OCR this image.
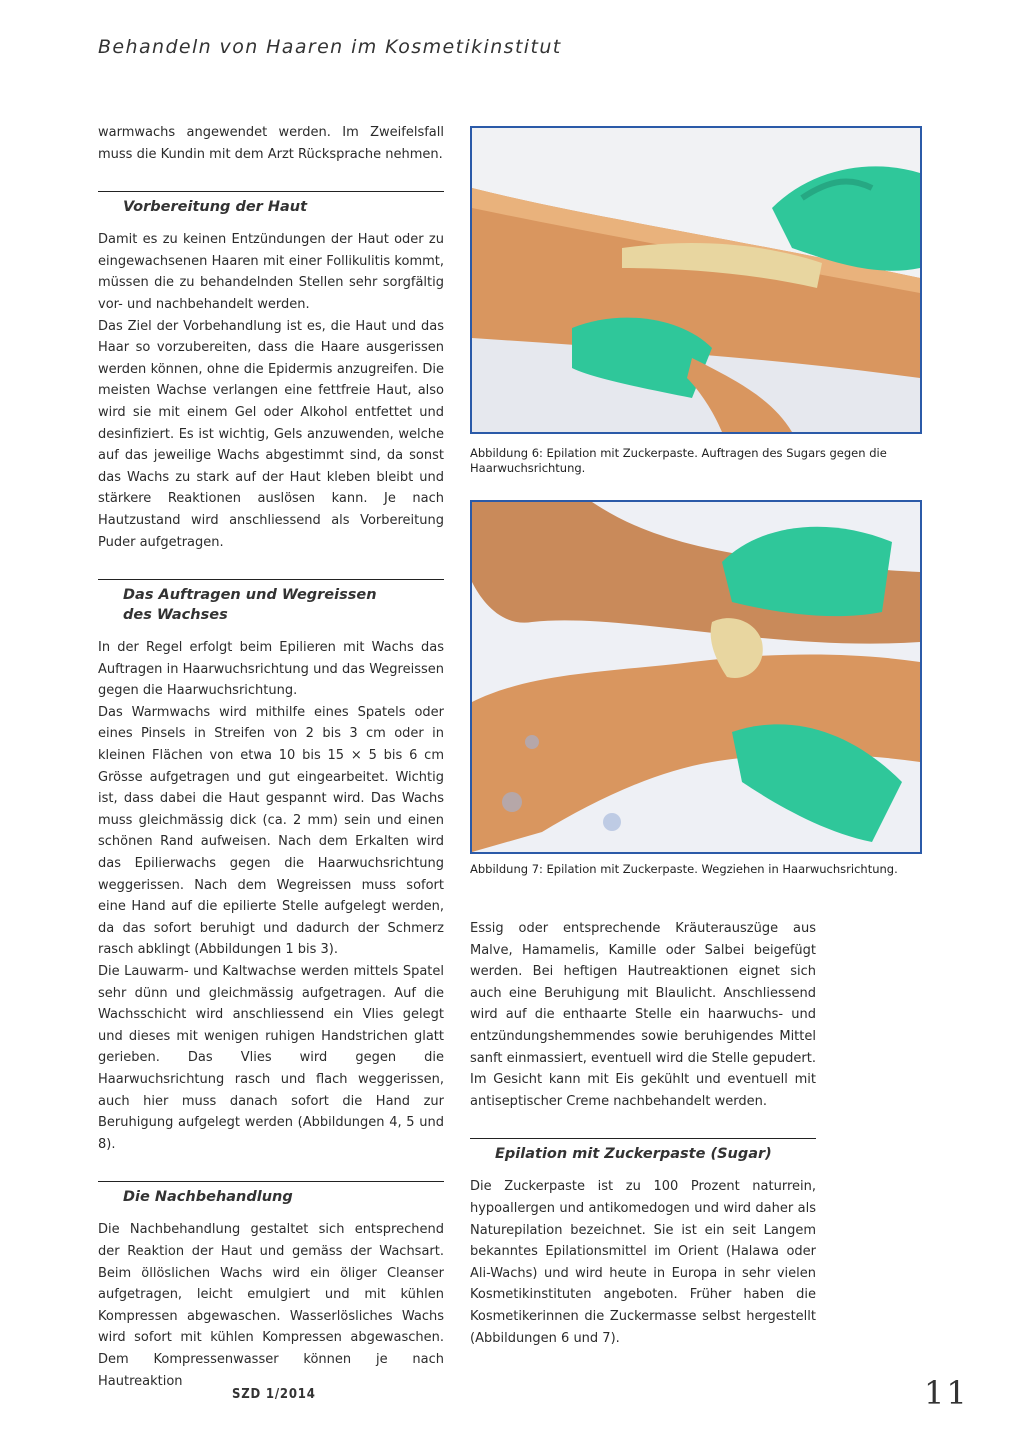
Behandeln von Haaren im Kosmetikinstitut

warmwachs angewendet werden. Im Zweifelsfall muss die Kundin mit dem Arzt Rücksprache nehmen.

Vorbereitung der Haut

Damit es zu keinen Entzündungen der Haut oder zu eingewachsenen Haaren mit einer Follikulitis kommt, müssen die zu behandelnden Stellen sehr sorgfältig vor- und nachbehandelt werden.

Das Ziel der Vorbehandlung ist es, die Haut und das Haar so vorzubereiten, dass die Haare ausgerissen werden können, ohne die Epidermis anzugreifen. Die meisten Wachse verlangen eine fettfreie Haut, also wird sie mit einem Gel oder Alkohol entfettet und desinfiziert. Es ist wichtig, Gels anzuwenden, welche auf das jeweilige Wachs abgestimmt sind, da sonst das Wachs zu stark auf der Haut kleben bleibt und stärkere Reaktionen auslösen kann. Je nach Hautzustand wird anschliessend als Vorbereitung Puder aufgetragen.

Das Auftragen und Wegreissen
des Wachses

In der Regel erfolgt beim Epilieren mit Wachs das Auftragen in Haarwuchsrichtung und das Wegreissen gegen die Haarwuchsrichtung.

Das Warmwachs wird mithilfe eines Spatels oder eines Pinsels in Streifen von 2 bis 3 cm oder in kleinen Flächen von etwa 10 bis 15 × 5 bis 6 cm Grösse aufgetragen und gut eingearbeitet. Wichtig ist, dass dabei die Haut gespannt wird. Das Wachs muss gleichmässig dick (ca. 2 mm) sein und einen schönen Rand aufweisen. Nach dem Erkalten wird das Epilierwachs gegen die Haarwuchsrichtung weggerissen. Nach dem Wegreissen muss sofort eine Hand auf die epilierte Stelle aufgelegt werden, da das sofort beruhigt und dadurch der Schmerz rasch abklingt (Abbildungen 1 bis 3).

Die Lauwarm- und Kaltwachse werden mittels Spatel sehr dünn und gleichmässig aufgetragen. Auf die Wachsschicht wird anschliessend ein Vlies gelegt und dieses mit wenigen ruhigen Handstrichen glatt gerieben. Das Vlies wird gegen die Haarwuchsrichtung rasch und flach weggerissen, auch hier muss danach sofort die Hand zur Beruhigung aufgelegt werden (Abbildungen 4, 5 und 8).

Die Nachbehandlung

Die Nachbehandlung gestaltet sich entsprechend der Reaktion der Haut und gemäss der Wachsart. Beim öllöslichen Wachs wird ein öliger Cleanser aufgetragen, leicht emulgiert und mit kühlen Kompressen abgewaschen. Wasserlösliches Wachs wird sofort mit kühlen Kompressen abgewaschen. Dem Kompressenwasser können je nach Hautreaktion

Abbildung 6: Epilation mit Zuckerpaste. Auftragen des Sugars gegen die Haarwuchsrichtung.
Abbildung 7: Epilation mit Zuckerpaste. Wegziehen in Haarwuchsrichtung.

Essig oder entsprechende Kräuterauszüge aus Malve, Hamamelis, Kamille oder Salbei beigefügt werden. Bei heftigen Hautreaktionen eignet sich auch eine Beruhigung mit Blaulicht. Anschliessend wird auf die enthaarte Stelle ein haarwuchs- und entzündungshemmendes sowie beruhigendes Mittel sanft einmassiert, eventuell wird die Stelle gepudert. Im Gesicht kann mit Eis gekühlt und eventuell mit antiseptischer Creme nachbehandelt werden.

Epilation mit Zuckerpaste (Sugar)

Die Zuckerpaste ist zu 100 Prozent naturrein, hypoallergen und antikomedogen und wird daher als Naturepilation bezeichnet. Sie ist ein seit Langem bekanntes Epilationsmittel im Orient (Halawa oder Ali-Wachs) und wird heute in Europa in sehr vielen Kosmetikinstituten angeboten. Früher haben die Kosmetikerinnen die Zuckermasse selbst hergestellt (Abbildungen 6 und 7).

SZD 1/2014	11
